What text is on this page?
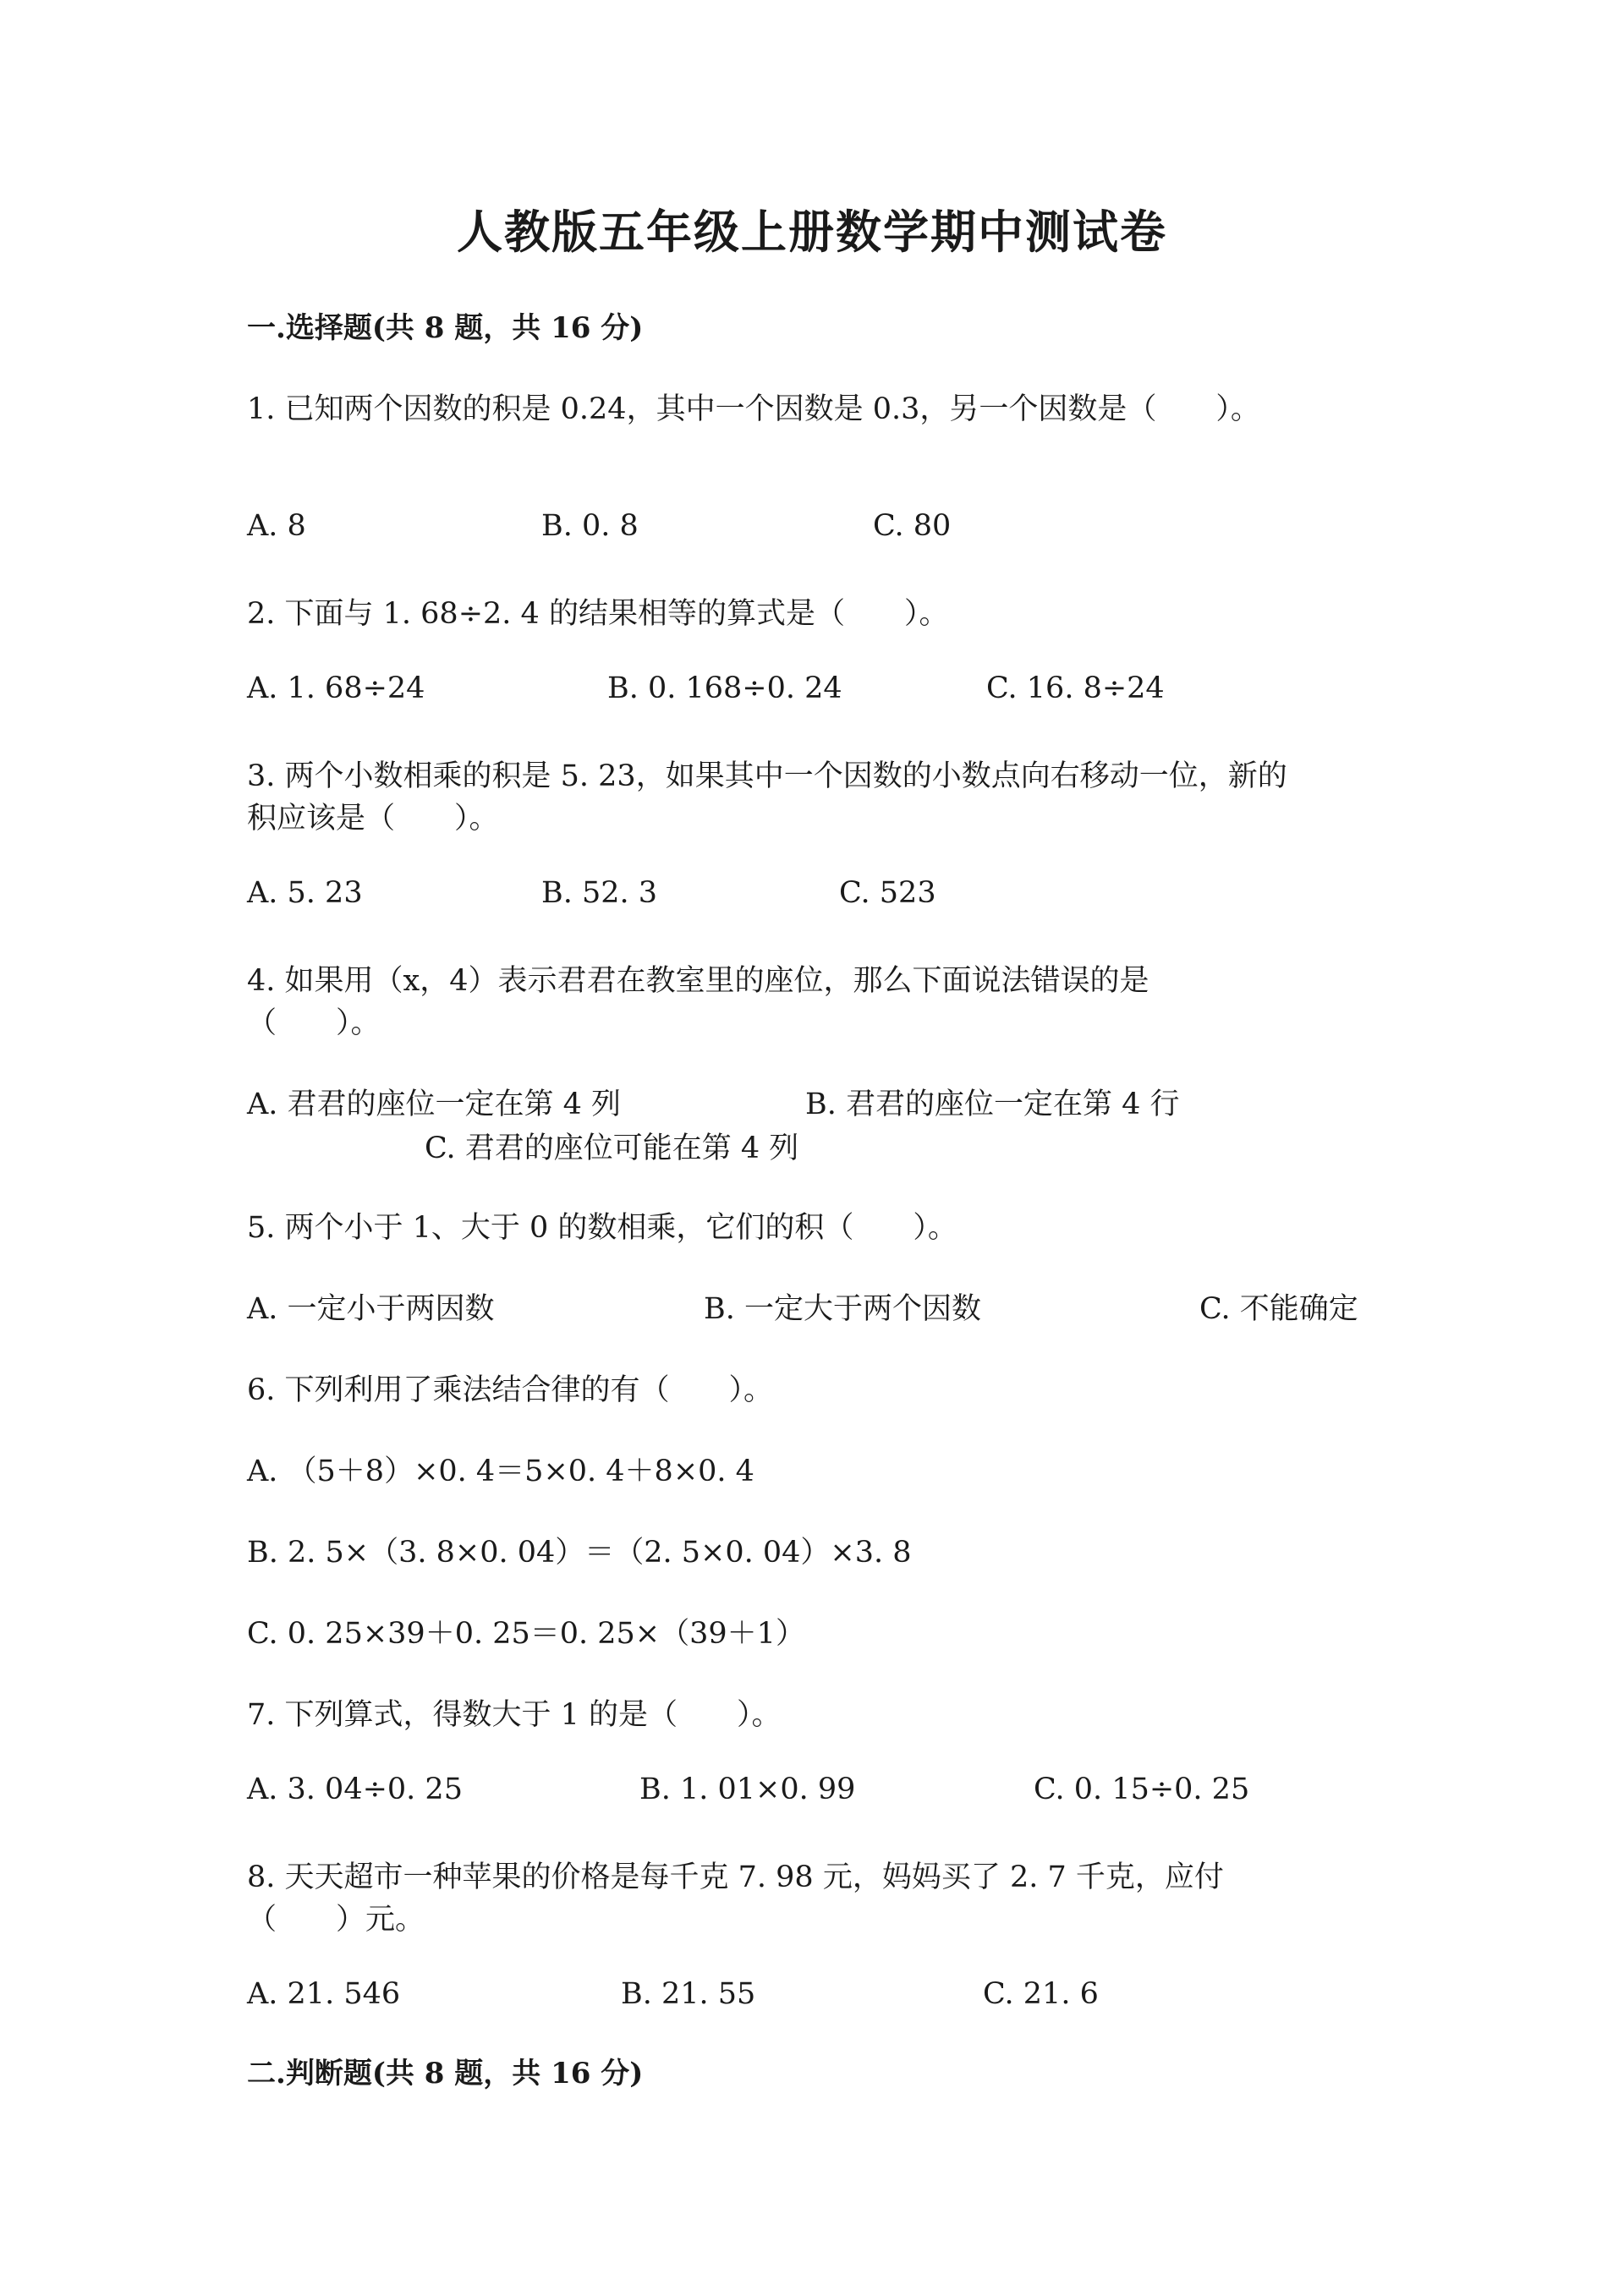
人教版五年级上册数学期中测试卷
一.选择题(共 8 题，共 16 分)
1. 已知两个因数的积是 0.24，其中一个因数是 0.3，另一个因数是（　　）。
A. 8	B. 0. 8	C. 80
2. 下面与 1. 68÷2. 4 的结果相等的算式是（　　）。
A. 1. 68÷24	B. 0. 168÷0. 24	C. 16. 8÷24
3. 两个小数相乘的积是 5. 23，如果其中一个因数的小数点向右移动一位，新的
积应该是（　　）。
A. 5. 23	B. 52. 3	C. 523
4. 如果用（x，4）表示君君在教室里的座位，那么下面说法错误的是
（　　）。
A. 君君的座位一定在第 4 列	B. 君君的座位一定在第 4 行
C. 君君的座位可能在第 4 列
5. 两个小于 1、大于 0 的数相乘，它们的积（　　）。
A. 一定小于两因数	B. 一定大于两个因数	C. 不能确定
6. 下列利用了乘法结合律的有（　　）。
A. （5＋8）×0. 4＝5×0. 4＋8×0. 4
B. 2. 5×（3. 8×0. 04）＝（2. 5×0. 04）×3. 8
C. 0. 25×39＋0. 25＝0. 25×（39＋1）
7. 下列算式，得数大于 1 的是（　　）。
A. 3. 04÷0. 25	B. 1. 01×0. 99	C. 0. 15÷0. 25
8. 天天超市一种苹果的价格是每千克 7. 98 元，妈妈买了 2. 7 千克，应付
（　　）元。
A. 21. 546	B. 21. 55	C. 21. 6
二.判断题(共 8 题，共 16 分)
